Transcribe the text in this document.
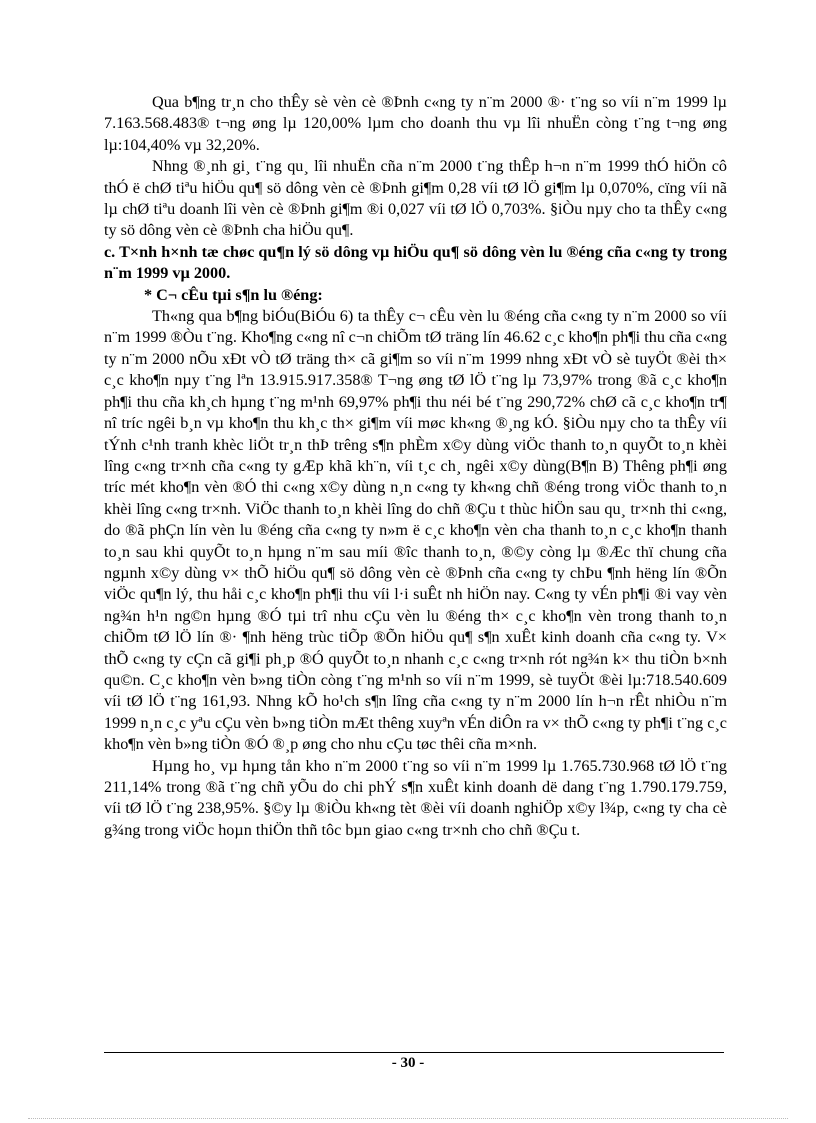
Qua b¶ng tr¸n cho thÊy sè vèn cè ®Þnh c«ng ty n¨m 2000 ®· t¨ng so víi n¨m 1999 lµ 7.163.568.483® t¬ng øng lµ 120,00% lµm cho doanh thu vµ lîi nhuËn còng t¨ng t¬ng øng lµ:104,40% vµ 32,20%.

Nhng ®¸nh gi¸ t¨ng qu¸ lîi nhuËn cña n¨m 2000 t¨ng thÊp h¬n n¨m 1999 thÓ hiÖn cô thÓ ë chØ tiªu hiÖu qu¶ sö dông vèn cè ®Þnh gi¶m 0,28 víi tØ lÖ gi¶m lµ 0,070%, cïng víi nã lµ chØ tiªu doanh lîi vèn cè ®Þnh gi¶m ®i 0,027 víi tØ lÖ 0,703%. §iÒu nµy cho ta thÊy c«ng ty sö dông vèn cè ®Þnh cha hiÖu qu¶.

c. T×nh h×nh tæ chøc qu¶n lý sö dông vµ hiÖu qu¶ sö dông vèn lu ®éng cña c«ng ty trong n¨m 1999 vµ 2000.

* C¬ cÊu tµi s¶n lu ®éng:

Th«ng qua b¶ng biÓu(BiÓu 6) ta thÊy c¬ cÊu vèn lu ®éng cña c«ng ty n¨m 2000 so víi n¨m 1999 ®Òu t¨ng. Kho¶ng c«ng nî c¬n chiÕm tØ träng lín 46.62 c¸c kho¶n ph¶i thu cña c«ng ty n¨m 2000 nÕu xÐt vÒ tØ träng th× cã gi¶m so víi n¨m 1999 nhng xÐt vÒ sè tuyÖt ®èi th× c¸c kho¶n nµy t¨ng lªn 13.915.917.358® T¬ng øng tØ lÖ t¨ng lµ 73,97% trong ®ã c¸c kho¶n ph¶i thu cña kh¸ch hµng t¨ng m¹nh 69,97% ph¶i thu néi bé t¨ng 290,72% chØ cã c¸c kho¶n tr¶ nî tríc ngêi b¸n vµ kho¶n thu kh¸c th× gi¶m víi møc kh«ng ®¸ng kÓ. §iÒu nµy cho ta thÊy víi tÝnh c¹nh tranh khèc liÖt tr¸n thÞ trêng s¶n phÈm x©y dùng viÖc thanh to¸n quyÕt to¸n khèi lîng c«ng tr×nh cña c«ng ty gÆp khã kh¨n, víi t¸c ch¸ ngêi x©y dùng(B¶n B) Thêng ph¶i øng tríc mét kho¶n vèn ®Ó thi c«ng x©y dùng n¸n c«ng ty kh«ng chñ ®éng trong viÖc thanh to¸n khèi lîng c«ng tr×nh. ViÖc thanh to¸n khèi lîng do chñ ®Çu t thùc hiÖn sau qu¸ tr×nh thi c«ng, do ®ã phÇn lín vèn lu ®éng cña c«ng ty n»m ë c¸c kho¶n vèn cha thanh to¸n c¸c kho¶n thanh to¸n sau khi quyÕt to¸n hµng n¨m sau míi ®îc thanh to¸n, ®©y còng lµ ®Æc thï chung cña ngµnh x©y dùng v× thÕ hiÖu qu¶ sö dông vèn cè ®Þnh cña c«ng ty chÞu ¶nh hëng lín ®Õn viÖc qu¶n lý, thu håi c¸c kho¶n ph¶i thu víi l·i suÊt nh hiÖn nay. C«ng ty vÉn ph¶i ®i vay vèn ng¾n h¹n ng©n hµng ®Ó tµi trî nhu cÇu vèn lu ®éng th× c¸c kho¶n vèn trong thanh to¸n chiÕm tØ lÖ lín ®· ¶nh hëng trùc tiÕp ®Õn hiÖu qu¶ s¶n xuÊt kinh doanh cña c«ng ty. V× thÕ c«ng ty cÇn cã gi¶i ph¸p ®Ó quyÕt to¸n nhanh c¸c c«ng tr×nh rót ng¾n k× thu tiÒn b×nh qu©n. C¸c kho¶n vèn b»ng tiÒn còng t¨ng m¹nh so víi n¨m 1999, sè tuyÖt ®èi lµ:718.540.609 víi tØ lÖ t¨ng 161,93. Nhng kÕ ho¹ch s¶n lîng cña c«ng ty n¨m 2000 lín h¬n rÊt nhiÒu n¨m 1999 n¸n c¸c yªu cÇu vèn b»ng tiÒn mÆt thêng xuyªn vÉn diÔn ra v× thÕ c«ng ty ph¶i t¨ng c¸c kho¶n vèn b»ng tiÒn ®Ó ®¸p øng cho nhu cÇu tøc thêi cña m×nh.

Hµng ho¸ vµ hµng tån kho n¨m 2000 t¨ng so víi n¨m 1999 lµ 1.765.730.968 tØ lÖ t¨ng 211,14% trong ®ã t¨ng chñ yÕu do chi phÝ s¶n xuÊt kinh doanh dë dang t¨ng 1.790.179.759, víi tØ lÖ t¨ng 238,95%. §©y lµ ®iÒu kh«ng tèt ®èi víi doanh nghiÖp x©y l¾p, c«ng ty cha cè g¾ng trong viÖc hoµn thiÖn thñ tôc bµn giao c«ng tr×nh cho chñ ®Çu t.

- 30 -
